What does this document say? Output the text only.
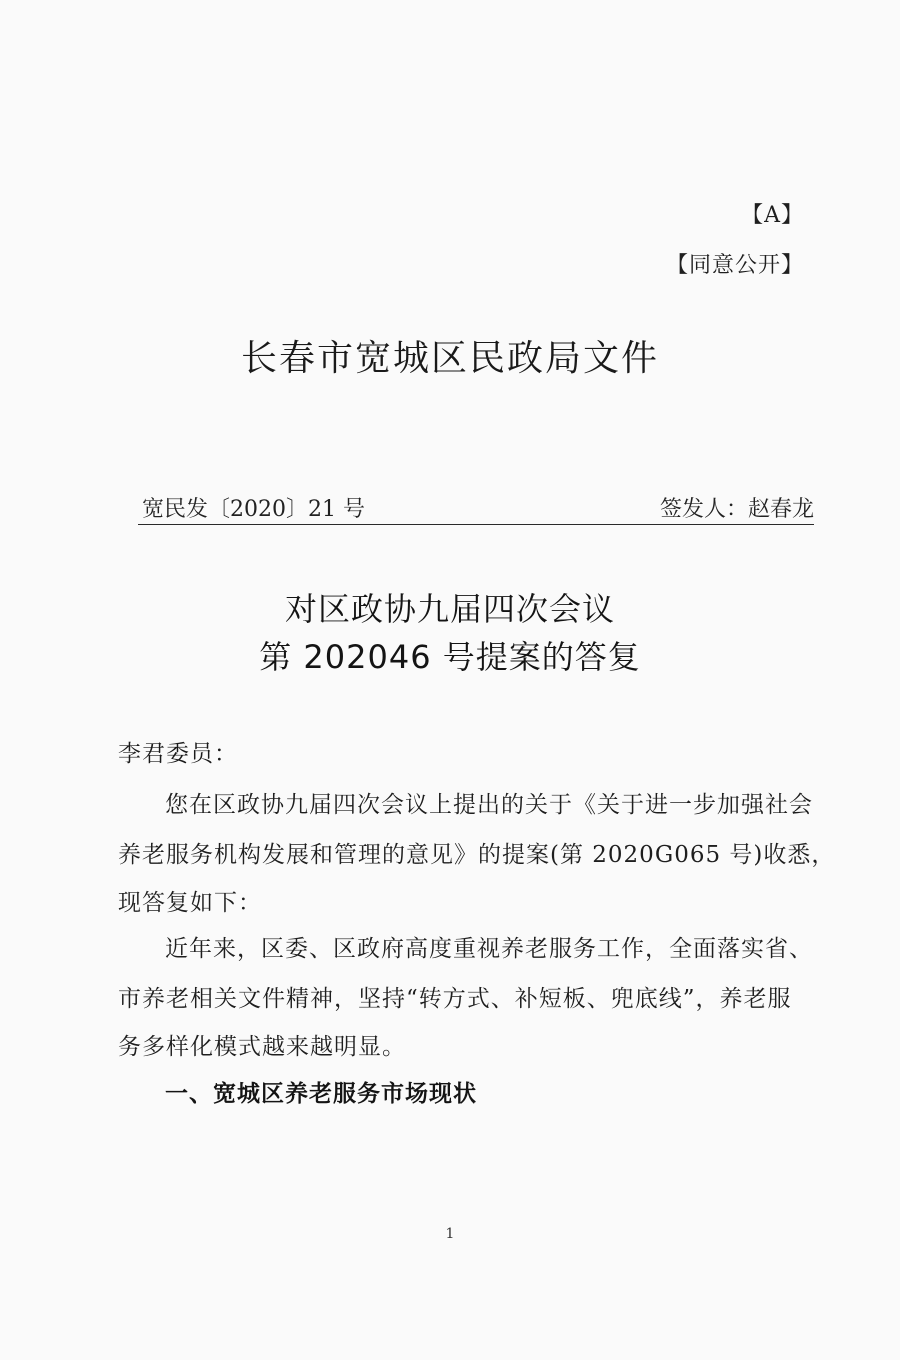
【A】
【同意公开】
长春市宽城区民政局文件
宽民发〔2020〕21 号	签发人：赵春龙
对区政协九届四次会议
第 202046 号提案的答复
李君委员：
您在区政协九届四次会议上提出的关于《关于进一步加强社会
养老服务机构发展和管理的意见》的提案(第 2020G065 号)收悉，
现答复如下：
近年来，区委、区政府高度重视养老服务工作，全面落实省、
市养老相关文件精神，坚持“转方式、补短板、兜底线”，养老服
务多样化模式越来越明显。
一、宽城区养老服务市场现状
1
